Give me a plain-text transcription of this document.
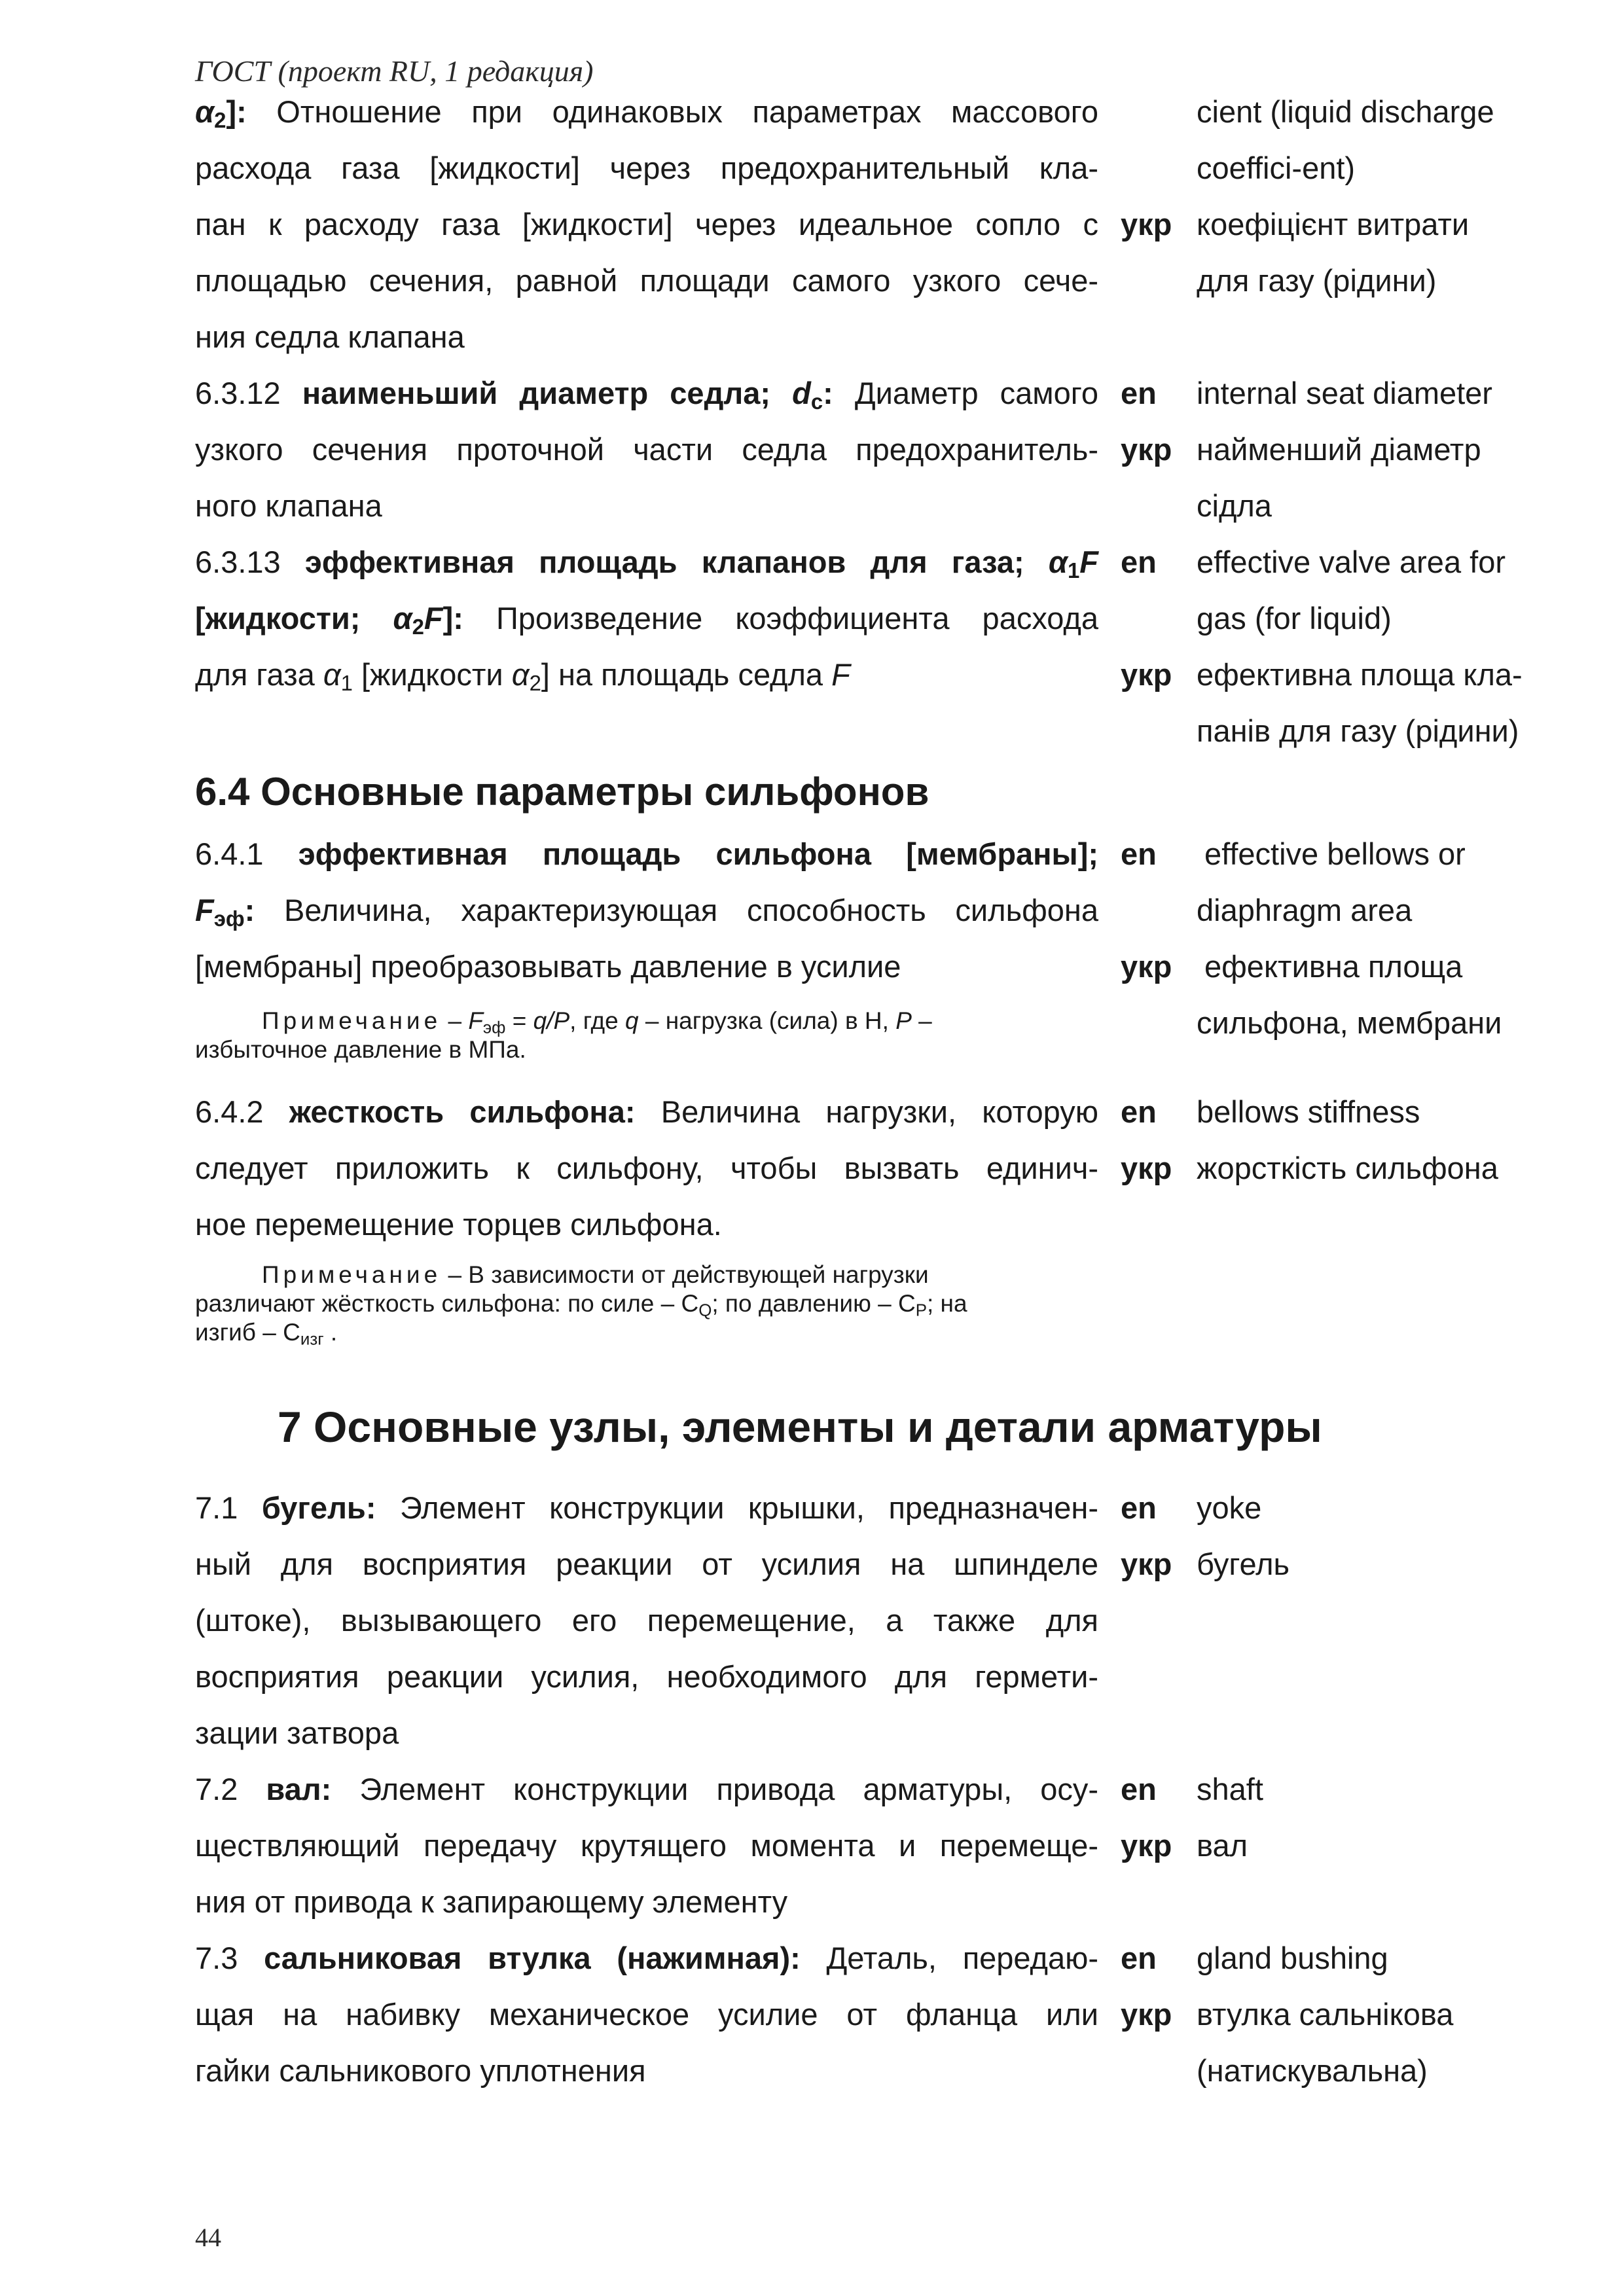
ГОСТ (проект RU, 1 редакция)
$\alpha_2$]: Отношение при одинаковых параметрах массового
расхода газа [жидкости] через предохранительный кла-
пан к расходу газа [жидкости] через идеальное сопло с
площадью сечения, равной площади самого узкого сече-
ния седла клапана
cient (liquid discharge
coeffici-ent)
укр коефіцієнт витрати
для газу (рідини)
6.3.12 наименьший диаметр седла; $d_с$: Диаметр самого
узкого сечения проточной части седла предохранитель-
ного клапана
en internal seat diameter
укр найменший діаметр
сідла
6.3.13 эффективная площадь клапанов для газа; $\alpha_1F$
[жидкости; $\alpha_2F$]: Произведение коэффициента расхода
для газа $\alpha_1$ [жидкости $\alpha_2$] на площадь седла F
en effective valve area for
gas (for liquid)
укр ефективна площа кла-
панів для газу (рідини)
6.4 Основные параметры сильфонов
6.4.1 эффективная площадь сильфона [мембраны];
$F_{эф}$: Величина, характеризующая способность сильфона
[мембраны] преобразовывать давление в усилие
Примечание – $F_{эф} = q/P$, где q – нагрузка (сила) в Н, P –
избыточное давление в МПа.
en effective bellows or
diaphragm area
укр ефективна площа
сильфона, мембрани
6.4.2 жесткость сильфона: Величина нагрузки, которую
следует приложить к сильфону, чтобы вызвать единич-
ное перемещение торцев сильфона.
Примечание – В зависимости от действующей нагрузки
различают жёсткость сильфона: по силе – $С_Q$; по давлению – $С_P$; на
изгиб – $С_{изг}$ .
en bellows stiffness
укр жорсткість сильфона
7 Основные узлы, элементы и детали арматуры
7.1 бугель: Элемент конструкции крышки, предназначен-
ный для восприятия реакции от усилия на шпинделе
(штоке), вызывающего его перемещение, а также для
восприятия реакции усилия, необходимого для гермети-
зации затвора
en yoke
укр бугель
7.2 вал: Элемент конструкции привода арматуры, осу-
ществляющий передачу крутящего момента и перемеще-
ния от привода к запирающему элементу
en shaft
укр вал
7.3 сальниковая втулка (нажимная): Деталь, передаю-
щая на набивку механическое усилие от фланца или
гайки сальникового уплотнения
en gland bushing
укр втулка сальнікова
(натискувальна)
44
